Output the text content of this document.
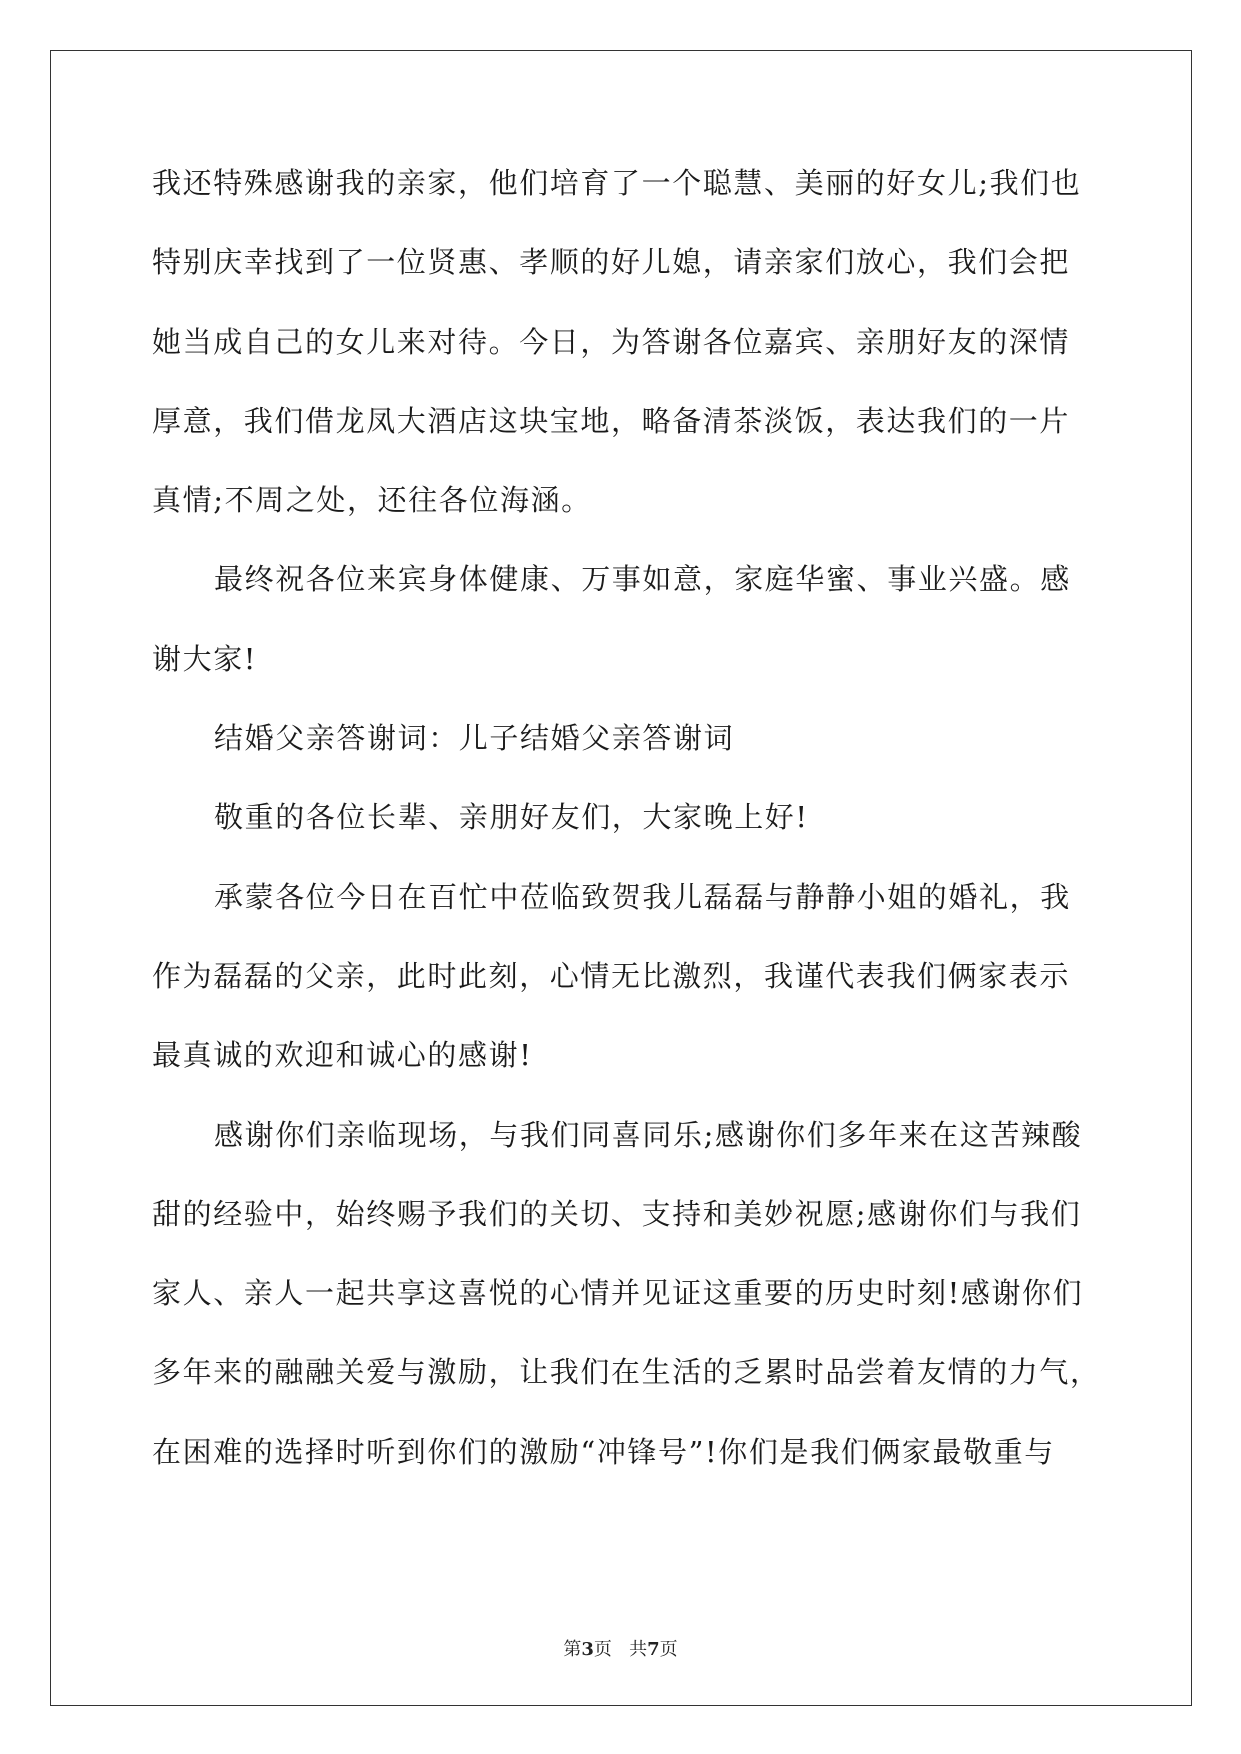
我还特殊感谢我的亲家，他们培育了一个聪慧、美丽的好女儿;我们也
特别庆幸找到了一位贤惠、孝顺的好儿媳，请亲家们放心，我们会把
她当成自己的女儿来对待。今日，为答谢各位嘉宾、亲朋好友的深情
厚意，我们借龙凤大酒店这块宝地，略备清茶淡饭，表达我们的一片
真情;不周之处，还往各位海涵。
最终祝各位来宾身体健康、万事如意，家庭华蜜、事业兴盛。感
谢大家!
结婚父亲答谢词：儿子结婚父亲答谢词
敬重的各位长辈、亲朋好友们，大家晚上好!
承蒙各位今日在百忙中莅临致贺我儿磊磊与静静小姐的婚礼，我
作为磊磊的父亲，此时此刻，心情无比激烈，我谨代表我们俩家表示
最真诚的欢迎和诚心的感谢!
感谢你们亲临现场，与我们同喜同乐;感谢你们多年来在这苦辣酸
甜的经验中，始终赐予我们的关切、支持和美妙祝愿;感谢你们与我们
家人、亲人一起共享这喜悦的心情并见证这重要的历史时刻!感谢你们
多年来的融融关爱与激励，让我们在生活的乏累时品尝着友情的力气，
在困难的选择时听到你们的激励“冲锋号”!你们是我们俩家最敬重与
第3页 共7页
